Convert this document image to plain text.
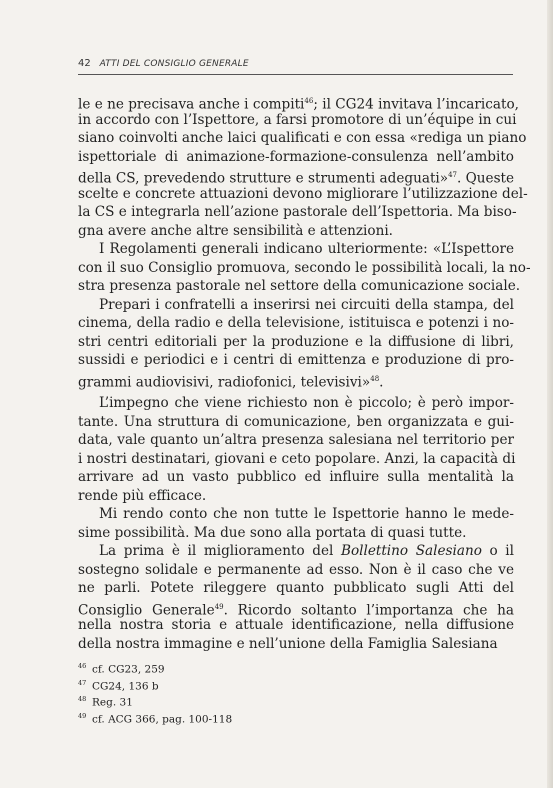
42 ATTI DEL CONSIGLIO GENERALE
le e ne precisava anche i compiti$^{46}$; il CG24 invitava l’incaricato,
in accordo con l’Ispettore, a farsi promotore di un’équipe in cui
siano coinvolti anche laici qualificati e con essa «rediga un piano
ispettoriale di animazione-formazione-consulenza nell’ambito
della CS, prevedendo strutture e strumenti adeguati»$^{47}$. Queste
scelte e concrete attuazioni devono migliorare l’utilizzazione del-
la CS e integrarla nell’azione pastorale dell’Ispettoria. Ma biso-
gna avere anche altre sensibilità e attenzioni.
I Regolamenti generali indicano ulteriormente: «L’Ispettore
con il suo Consiglio promuova, secondo le possibilità locali, la no-
stra presenza pastorale nel settore della comunicazione sociale.
Prepari i confratelli a inserirsi nei circuiti della stampa, del
cinema, della radio e della televisione, istituisca e potenzi i no-
stri centri editoriali per la produzione e la diffusione di libri,
sussidi e periodici e i centri di emittenza e produzione di pro-
grammi audiovisivi, radiofonici, televisivi»$^{48}$.
L’impegno che viene richiesto non è piccolo; è però impor-
tante. Una struttura di comunicazione, ben organizzata e gui-
data, vale quanto un’altra presenza salesiana nel territorio per
i nostri destinatari, giovani e ceto popolare. Anzi, la capacità di
arrivare ad un vasto pubblico ed influire sulla mentalità la
rende più efficace.
Mi rendo conto che non tutte le Ispettorie hanno le mede-
sime possibilità. Ma due sono alla portata di quasi tutte.
La prima è il miglioramento del Bollettino Salesiano o il
sostegno solidale e permanente ad esso. Non è il caso che ve
ne parli. Potete rileggere quanto pubblicato sugli Atti del
Consiglio Generale$^{49}$. Ricordo soltanto l’importanza che ha
nella nostra storia e attuale identificazione, nella diffusione
della nostra immagine e nell’unione della Famiglia Salesiana
46 cf. CG23, 259
47 CG24, 136 b
48 Reg. 31
49 cf. ACG 366, pag. 100-118
